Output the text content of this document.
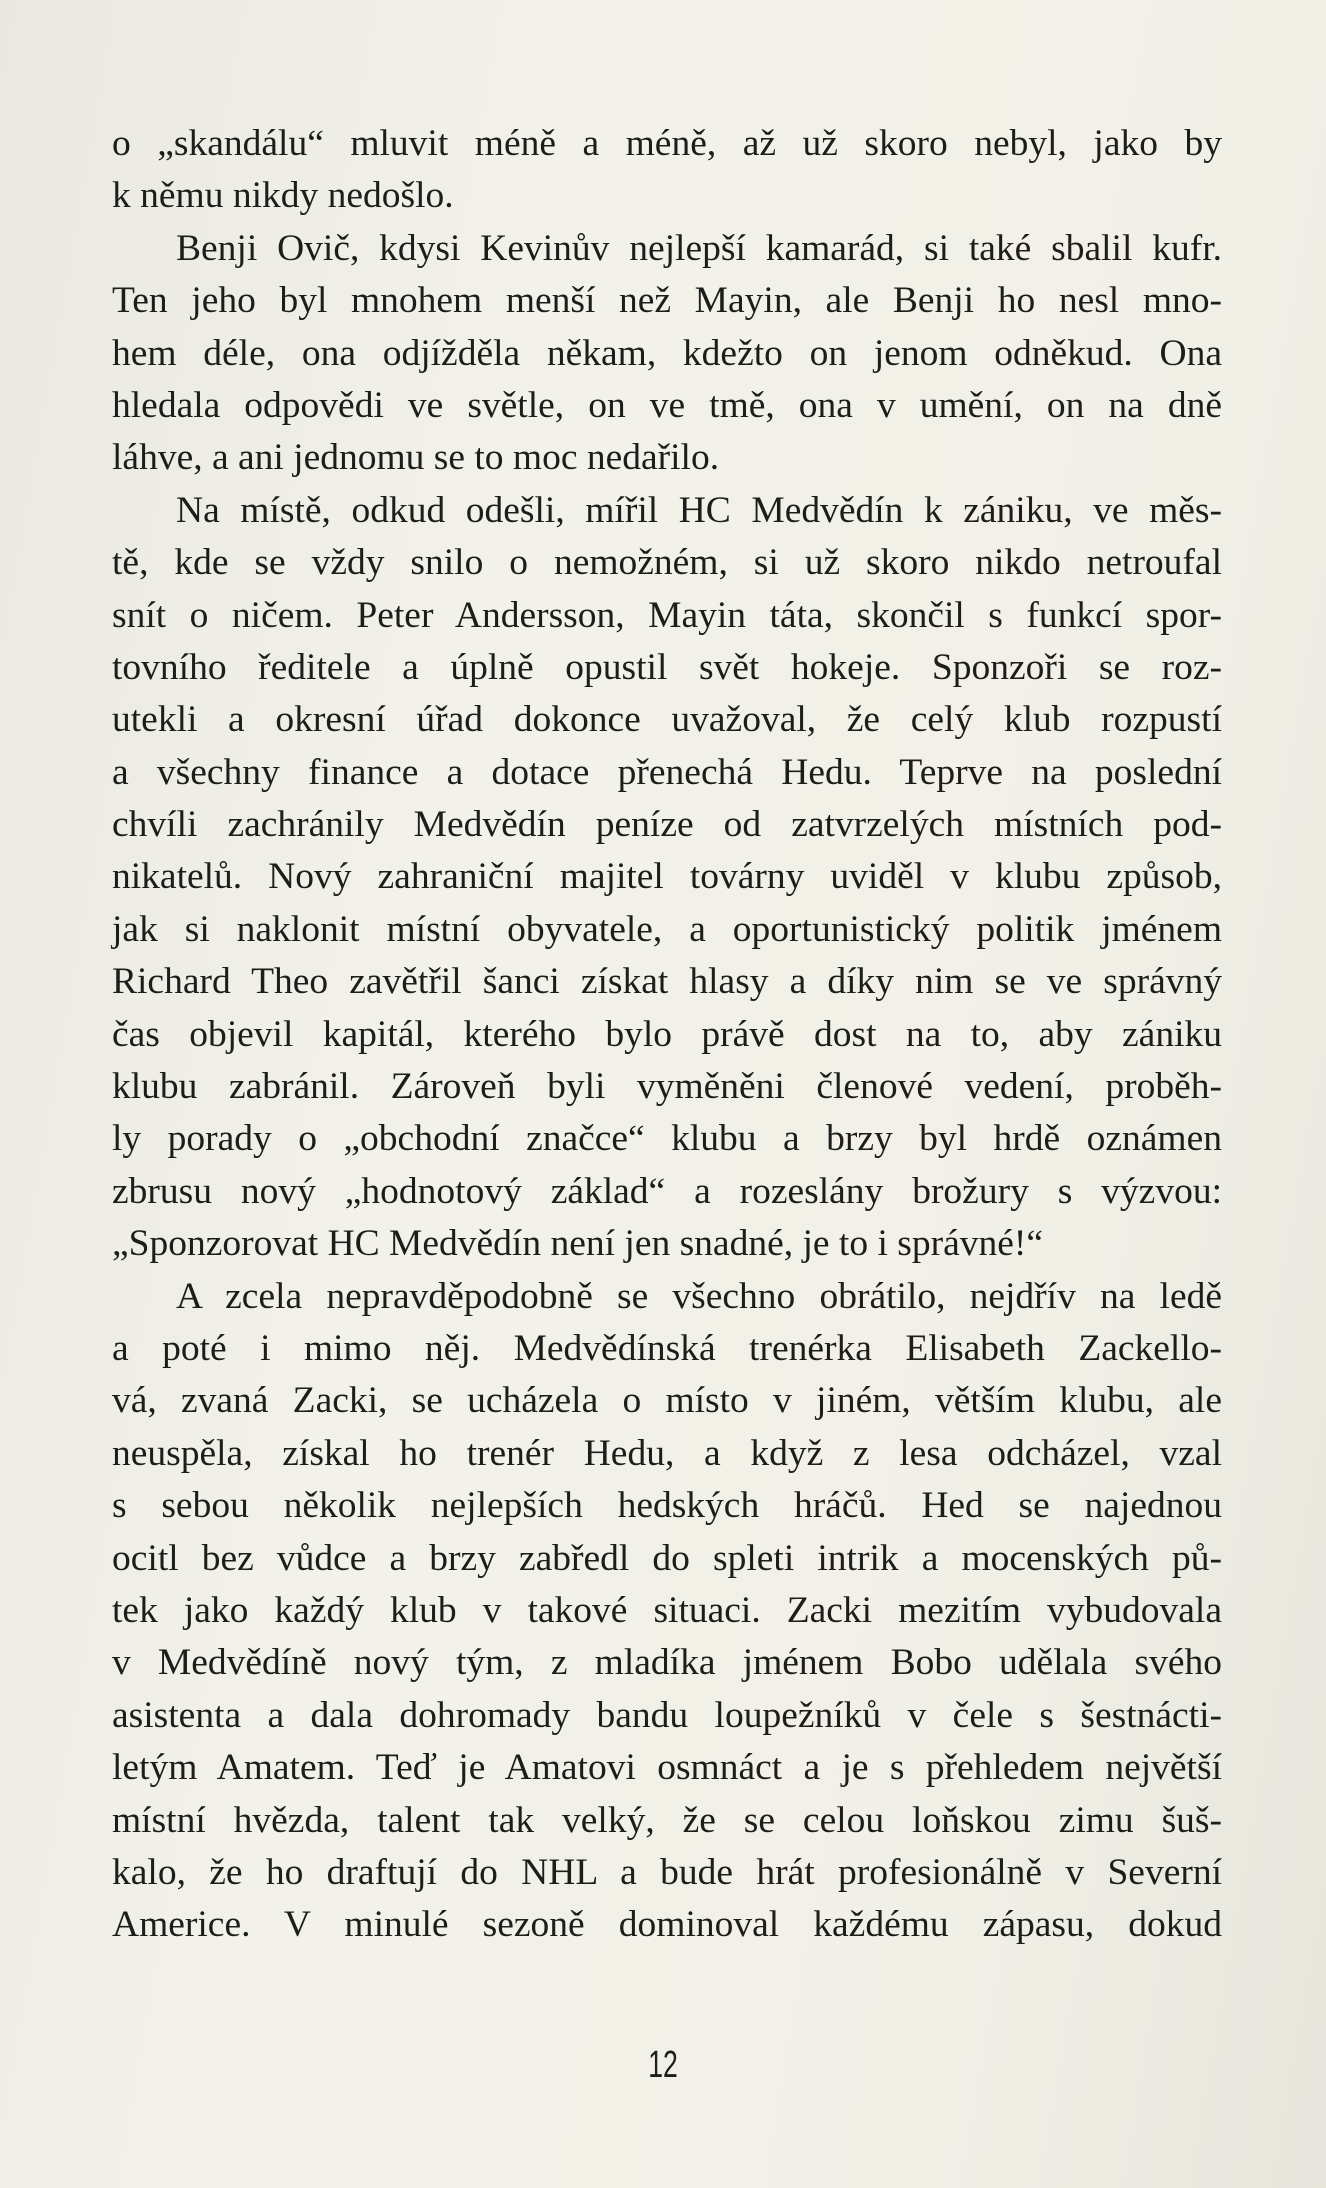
o „skandálu“ mluvit méně a méně, až už skoro nebyl, jako by
k němu nikdy nedošlo.
Benji Ovič, kdysi Kevinův nejlepší kamarád, si také sbalil kufr.
Ten jeho byl mnohem menší než Mayin, ale Benji ho nesl mno-
hem déle, ona odjížděla někam, kdežto on jenom odněkud. Ona
hledala odpovědi ve světle, on ve tmě, ona v umění, on na dně
láhve, a ani jednomu se to moc nedařilo.
Na místě, odkud odešli, mířil HC Medvědín k zániku, ve měs-
tě, kde se vždy snilo o nemožném, si už skoro nikdo netroufal
snít o ničem. Peter Andersson, Mayin táta, skončil s funkcí spor-
tovního ředitele a úplně opustil svět hokeje. Sponzoři se roz-
utekli a okresní úřad dokonce uvažoval, že celý klub rozpustí
a všechny finance a dotace přenechá Hedu. Teprve na poslední
chvíli zachránily Medvědín peníze od zatvrzelých místních pod-
nikatelů. Nový zahraniční majitel továrny uviděl v klubu způsob,
jak si naklonit místní obyvatele, a oportunistický politik jménem
Richard Theo zavětřil šanci získat hlasy a díky nim se ve správný
čas objevil kapitál, kterého bylo právě dost na to, aby zániku
klubu zabránil. Zároveň byli vyměněni členové vedení, proběh-
ly porady o „obchodní značce“ klubu a brzy byl hrdě oznámen
zbrusu nový „hodnotový základ“ a rozeslány brožury s výzvou:
„Sponzorovat HC Medvědín není jen snadné, je to i správné!“
A zcela nepravděpodobně se všechno obrátilo, nejdřív na ledě
a poté i mimo něj. Medvědínská trenérka Elisabeth Zackello-
vá, zvaná Zacki, se ucházela o místo v jiném, větším klubu, ale
neuspěla, získal ho trenér Hedu, a když z lesa odcházel, vzal
s sebou několik nejlepších hedských hráčů. Hed se najednou
ocitl bez vůdce a brzy zabředl do spleti intrik a mocenských pů-
tek jako každý klub v takové situaci. Zacki mezitím vybudovala
v Medvědíně nový tým, z mladíka jménem Bobo udělala svého
asistenta a dala dohromady bandu loupežníků v čele s šestnácti-
letým Amatem. Teď je Amatovi osmnáct a je s přehledem největší
místní hvězda, talent tak velký, že se celou loňskou zimu šuš-
kalo, že ho draftují do NHL a bude hrát profesionálně v Severní
Americe. V minulé sezoně dominoval každému zápasu, dokud
12
